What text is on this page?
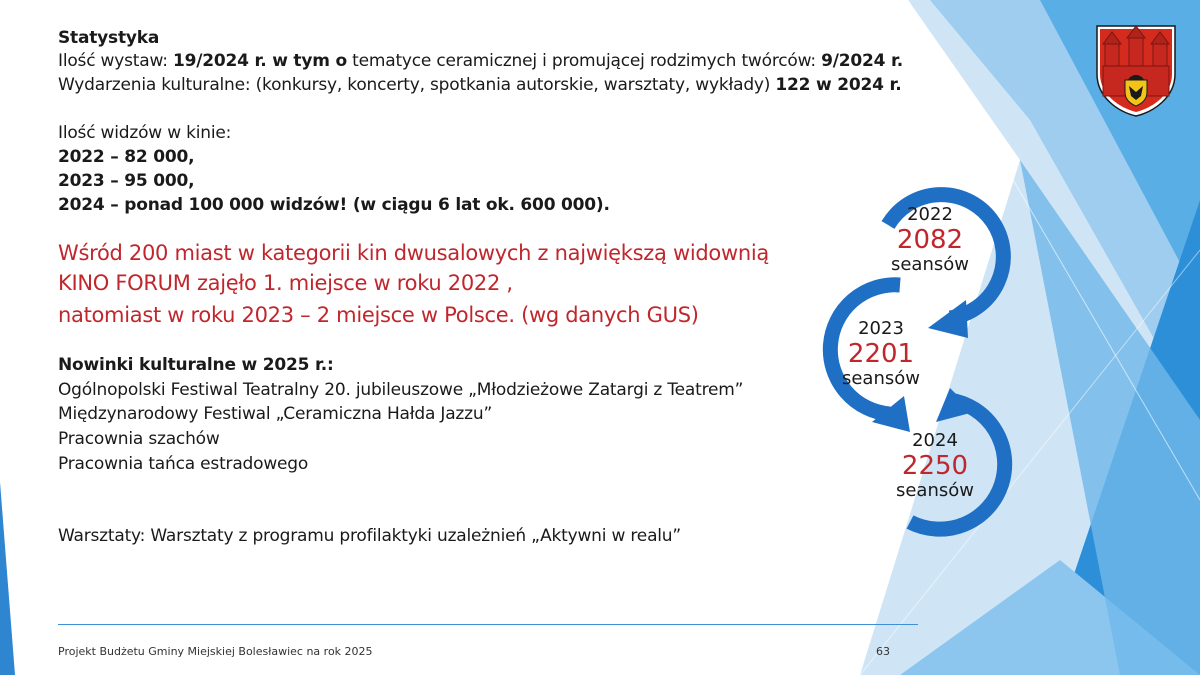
Statystyka
Ilość wystaw: 19/2024 r. w tym o tematyce ceramicznej i promującej rodzimych twórców: 9/2024 r.
Wydarzenia kulturalne: (konkursy, koncerty, spotkania autorskie, warsztaty, wykłady) 122 w 2024 r.
Ilość widzów w kinie:
2022 – 82 000,
2023 – 95 000,
2024 – ponad 100 000 widzów! (w ciągu 6 lat ok. 600 000).
Wśród 200 miast w kategorii kin dwusalowych z największą widownią
KINO FORUM zajęło 1. miejsce w roku 2022 ,
natomiast w roku 2023 – 2 miejsce w Polsce. (wg danych GUS)
Nowinki kulturalne w 2025 r.:
Ogólnopolski Festiwal Teatralny 20. jubileuszowe „Młodzieżowe Zatargi z Teatrem”
Międzynarodowy Festiwal „Ceramiczna Hałda Jazzu”
Pracownia szachów
Pracownia tańca estradowego
Warsztaty: Warsztaty z programu profilaktyki uzależnień „Aktywni w realu”
2022
2082
seansów
2023
2201
seansów
2024
2250
seansów
Projekt Budżetu Gminy Miejskiej Bolesławiec na rok 2025	63
